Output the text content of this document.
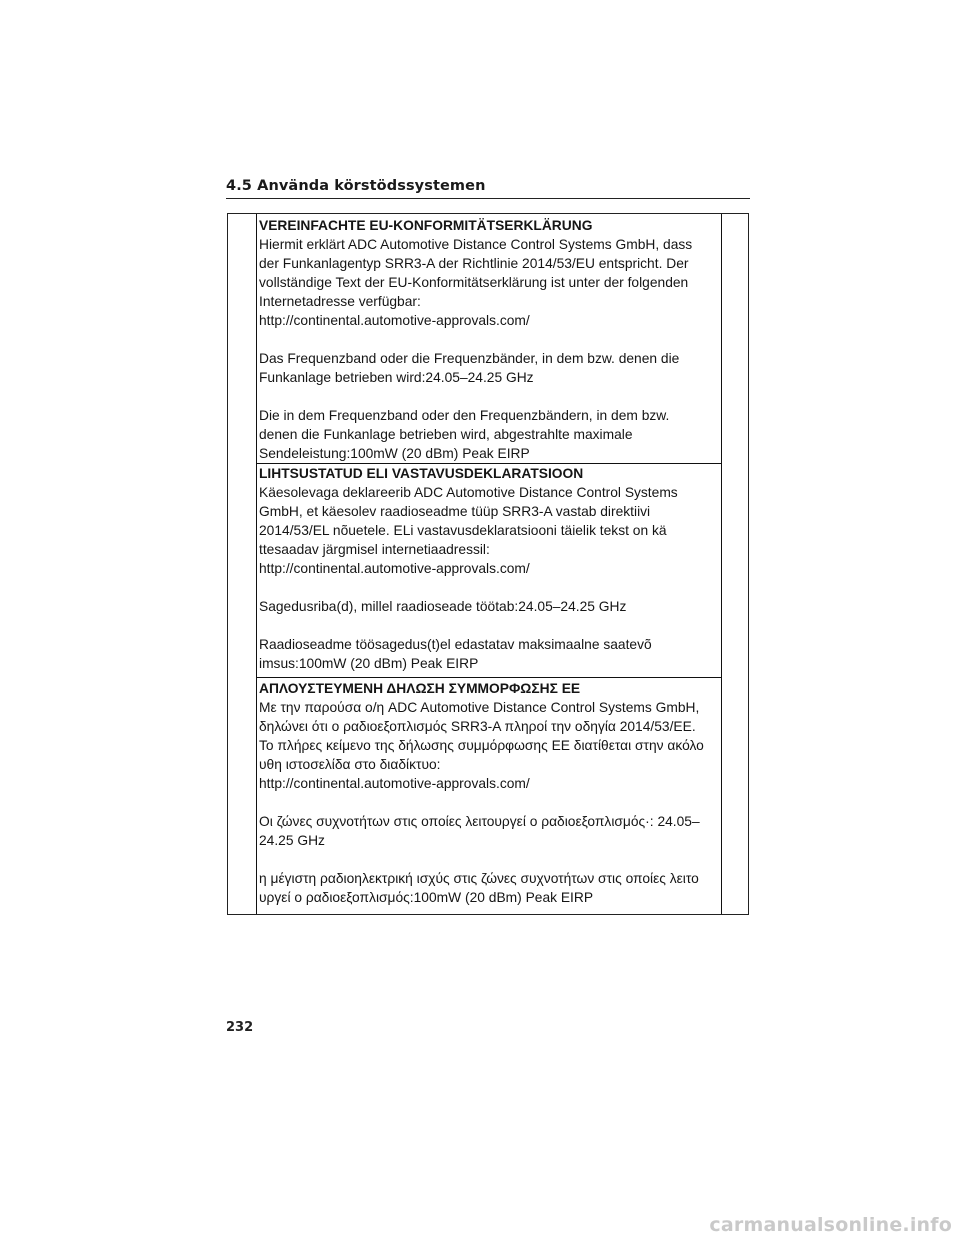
4.5 Använda körstödssystemen
VEREINFACHTE EU-KONFORMITÄTSERKLÄRUNG

Hiermit erklärt ADC Automotive Distance Control Systems GmbH, dass

der Funkanlagentyp SRR3-A der Richtlinie 2014/53/EU entspricht. Der

vollständige Text der EU-Konformitätserklärung ist unter der folgenden

Internetadresse verfügbar:

http://continental.automotive-approvals.com/

Das Frequenzband oder die Frequenzbänder, in dem bzw. denen die

Funkanlage betrieben wird:24.05–24.25 GHz

Die in dem Frequenzband oder den Frequenzbändern, in dem bzw.

denen die Funkanlage betrieben wird, abgestrahlte maximale

Sendeleistung:100mW (20 dBm) Peak EIRP

LIHTSUSTATUD ELI VASTAVUSDEKLARATSIOON

Käesolevaga deklareerib ADC Automotive Distance Control Systems

GmbH, et käesolev raadioseadme tüüp SRR3-A vastab direktiivi

2014/53/EL nõuetele. ELi vastavusdeklaratsiooni täielik tekst on kä

ttesaadav järgmisel internetiaadressil:

http://continental.automotive-approvals.com/

Sagedusriba(d), millel raadioseade töötab:24.05–24.25 GHz

Raadioseadme töösagedus(t)el edastatav maksimaalne saatevõ

imsus:100mW (20 dBm) Peak EIRP

ΑΠΛΟΥΣΤΕΥΜΕΝΗ ΔΗΛΩΣΗ ΣΥΜΜΟΡΦΩΣΗΣ ΕΕ

Με την παρούσα ο/η ADC Automotive Distance Control Systems GmbH,

δηλώνει ότι ο ραδιοεξοπλισμός SRR3-A πληροί την οδηγία 2014/53/ΕΕ.

Το πλήρες κείμενο της δήλωσης συμμόρφωσης ΕΕ διατίθεται στην ακόλο

υθη ιστοσελίδα στο διαδίκτυο:

http://continental.automotive-approvals.com/

Οι ζώνες συχνοτήτων στις οποίες λειτουργεί ο ραδιοεξοπλισμός·: 24.05–

24.25 GHz

η μέγιστη ραδιοηλεκτρική ισχύς στις ζώνες συχνοτήτων στις οποίες λειτο

υργεί ο ραδιοεξοπλισμός:100mW (20 dBm) Peak EIRP

232
carmanualsonline.info
